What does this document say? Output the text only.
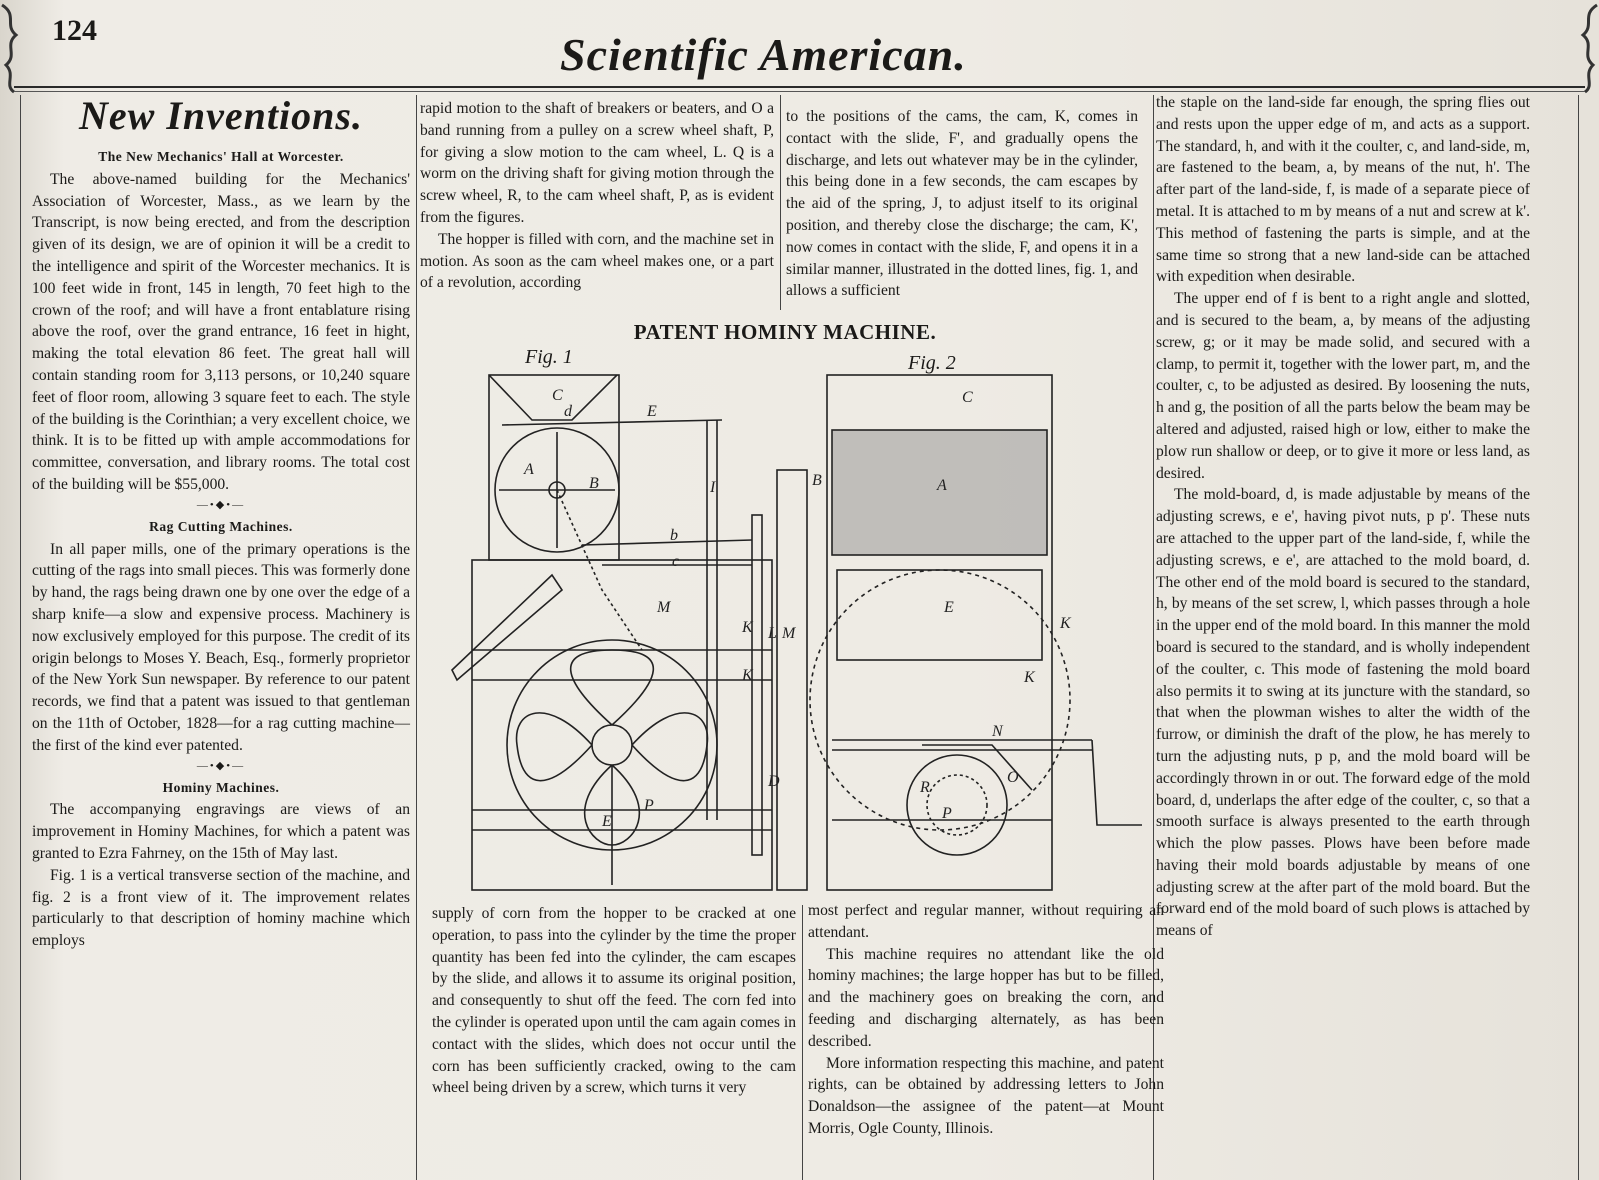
124	Scientific American.
New Inventions.
The New Mechanics' Hall at Worcester.

The above-named building for the Mechanics' Association of Worcester, Mass., as we learn by the Transcript, is now being erected, and from the description given of its design, we are of opinion it will be a credit to the intelligence and spirit of the Worcester mechanics. It is 100 feet wide in front, 145 in length, 70 feet high to the crown of the roof; and will have a front entablature rising above the roof, over the grand entrance, 16 feet in hight, making the total elevation 86 feet. The great hall will contain standing room for 3,113 persons, or 10,240 square feet of floor room, allowing 3 square feet to each. The style of the building is the Corinthian; a very excellent choice, we think. It is to be fitted up with ample accommodations for committee, conversation, and library rooms. The total cost of the building will be $55,000.

—•◆•—
Rag Cutting Machines.

In all paper mills, one of the primary operations is the cutting of the rags into small pieces. This was formerly done by hand, the rags being drawn one by one over the edge of a sharp knife—a slow and expensive process. Machinery is now exclusively employed for this purpose. The credit of its origin belongs to Moses Y. Beach, Esq., formerly proprietor of the New York Sun newspaper. By reference to our patent records, we find that a patent was issued to that gentleman on the 11th of October, 1828—for a rag cutting machine—the first of the kind ever patented.

—•◆•—
Hominy Machines.

The accompanying engravings are views of an improvement in Hominy Machines, for which a patent was granted to Ezra Fahrney, on the 15th of May last.

Fig. 1 is a vertical transverse section of the machine, and fig. 2 is a front view of it. The improvement relates particularly to that description of hominy machine which employs

rapid motion to the shaft of breakers or beaters, and O a band running from a pulley on a screw wheel shaft, P, for giving a slow motion to the cam wheel, L. Q is a worm on the driving shaft for giving motion through the screw wheel, R, to the cam wheel shaft, P, as is evident from the figures.

The hopper is filled with corn, and the machine set in motion. As soon as the cam wheel makes one, or a part of a revolution, according

to the positions of the cams, the cam, K, comes in contact with the slide, F', and gradually opens the discharge, and lets out whatever may be in the cylinder, this being done in a few seconds, the cam escapes by the aid of the spring, J, to adjust itself to its original position, and thereby close the discharge; the cam, K', now comes in contact with the slide, F, and opens it in a similar manner, illustrated in the dotted lines, fig. 1, and allows a sufficient

PATENT HOMINY MACHINE.
Fig. 1	Fig. 2
C
d	E
A
B	I
b
c
M
K L M
K
P
D
E
C
B	A
E
K
K
N
R
O
P

supply of corn from the hopper to be cracked at one operation, to pass into the cylinder by the time the proper quantity has been fed into the cylinder, the cam escapes by the slide, and allows it to assume its original position, and consequently to shut off the feed. The corn fed into the cylinder is operated upon until the cam again comes in contact with the slides, which does not occur until the corn has been sufficiently cracked, owing to the cam wheel being driven by a screw, which turns it very

most perfect and regular manner, without requiring an attendant.

This machine requires no attendant like the old hominy machines; the large hopper has but to be filled, and the machinery goes on breaking the corn, and feeding and discharging alternately, as has been described.

More information respecting this machine, and patent rights, can be obtained by addressing letters to John Donaldson—the assignee of the patent—at Mount Morris, Ogle County, Illinois.

the staple on the land-side far enough, the spring flies out and rests upon the upper edge of m, and acts as a support. The standard, h, and with it the coulter, c, and land-side, m, are fastened to the beam, a, by means of the nut, h'. The after part of the land-side, f, is made of a separate piece of metal. It is attached to m by means of a nut and screw at k'. This method of fastening the parts is simple, and at the same time so strong that a new land-side can be attached with expedition when desirable.

The upper end of f is bent to a right angle and slotted, and is secured to the beam, a, by means of the adjusting screw, g; or it may be made solid, and secured with a clamp, to permit it, together with the lower part, m, and the coulter, c, to be adjusted as desired. By loosening the nuts, h and g, the position of all the parts below the beam may be altered and adjusted, raised high or low, either to make the plow run shallow or deep, or to give it more or less land, as desired.

The mold-board, d, is made adjustable by means of the adjusting screws, e e', having pivot nuts, p p'. These nuts are attached to the upper part of the land-side, f, while the adjusting screws, e e', are attached to the mold board, d. The other end of the mold board is secured to the standard, h, by means of the set screw, l, which passes through a hole in the upper end of the mold board. In this manner the mold board is secured to the standard, and is wholly independent of the coulter, c. This mode of fastening the mold board also permits it to swing at its juncture with the standard, so that when the plowman wishes to alter the width of the furrow, or diminish the draft of the plow, he has merely to turn the adjusting nuts, p p, and the mold board will be accordingly thrown in or out. The forward edge of the mold board, d, underlaps the after edge of the coulter, c, so that a smooth surface is always presented to the earth through which the plow passes. Plows have been before made having their mold boards adjustable by means of one adjusting screw at the after part of the mold board. But the forward end of the mold board of such plows is attached by means of
